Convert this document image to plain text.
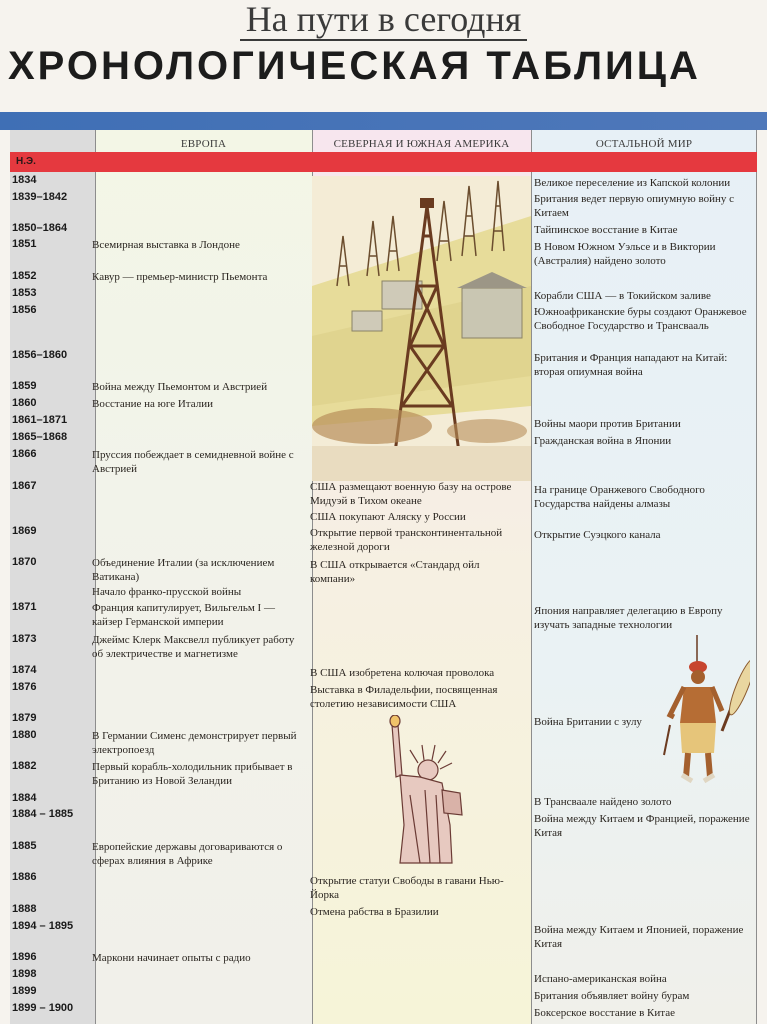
На пути в сегодня
ХРОНОЛОГИЧЕСКАЯ ТАБЛИЦА
ЕВРОПА	СЕВЕРНАЯ И ЮЖНАЯ АМЕРИКА	ОСТАЛЬНОЙ МИР
Н.Э.
1834
1839–1842
1850–1864
1851
1852
1853
1856
1856–1860
1859
1860
1861–1871
1865–1868
1866
1867
1869
1870
1871
1873
1874
1876
1879
1880
1882
1884
1884 – 1885
1885
1886
1888
1894 – 1895
1896
1898
1899
1899 – 1900
Всемирная выставка в Лондоне
Кавур — премьер-министр Пьемонта
Война между Пьемонтом и Австрией
Восстание на юге Италии
Пруссия побеждает в семидневной войне с Австрией
Объединение Италии (за исключением Ватикана)
Начало франко-прусской войны
Франция капитулирует, Вильгельм I — кайзер Германской империи
Джеймс Клерк Максвелл публикует работу об электричестве и магнетизме
В Германии Сименс демонстрирует первый электропоезд
Первый корабль-холодильник прибывает в Британию из Новой Зеландии
Европейские державы договариваются о сферах влияния в Африке
Маркони начинает опыты с радио
США размещают военную базу на острове Мидуэй в Тихом океане
США покупают Аляску у России
Открытие первой трансконтинентальной железной дороги
В США открывается «Стандард ойл компани»
В США изобретена колючая проволока
Выставка в Филадельфии, посвященная столетию независимости США
Открытие статуи Свободы в гавани Нью-Йорка
Отмена рабства в Бразилии
Великое переселение из Капской колонии
Британия ведет первую опиумную войну с Китаем
Тайпинское восстание в Китае
В Новом Южном Уэльсе и в Виктории (Австралия) найдено золото
Корабли США — в Токийском заливе
Южноафриканские буры создают Оранжевое Свободное Государство и Трансвааль
Британия и Франция нападают на Китай: вторая опиумная война
Войны маори против Британии
Гражданская война в Японии
На границе Оранжевого Свободного Государства найдены алмазы
Открытие Суэцкого канала
Япония направляет делегацию в Европу изучать западные технологии
Война Британии с зулу
В Трансваале найдено золото
Война между Китаем и Францией, поражение Китая
Война между Китаем и Японией, поражение Китая
Испано-американская война
Британия объявляет войну бурам
Боксерское восстание в Китае
